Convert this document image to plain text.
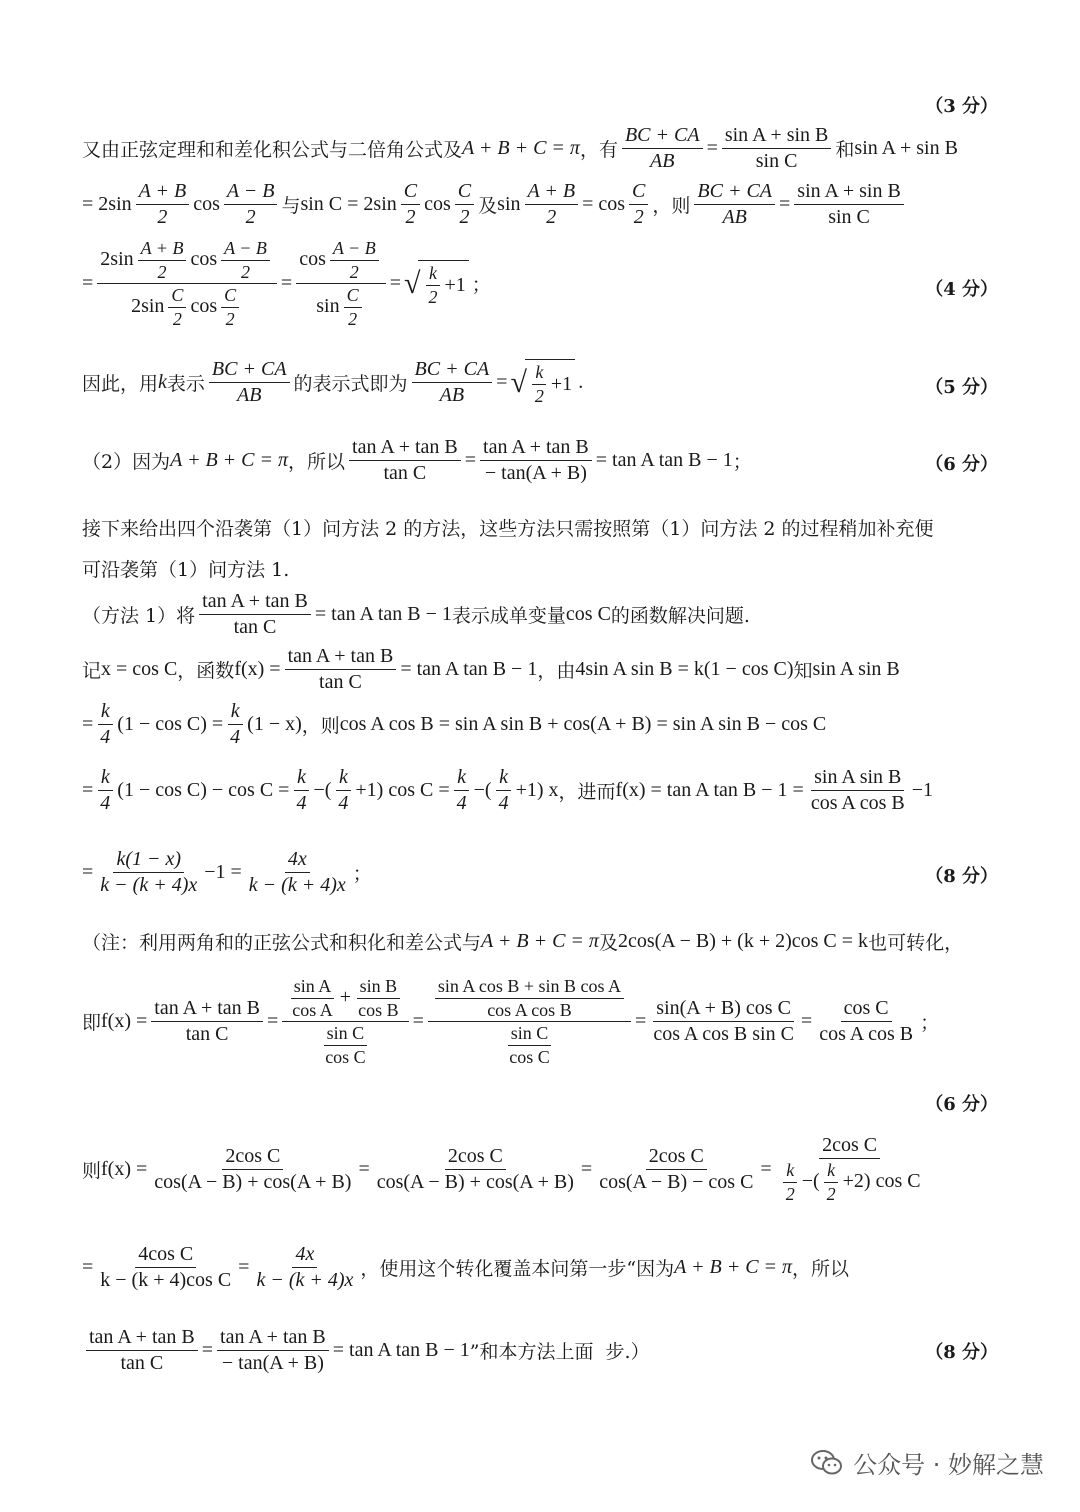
（3 分）
又由正弦定理和和差化积公式与二倍角公式及 A + B + C = π ，有 $\frac{BC + CA}{AB} = \frac{\text{sin A + sin B}}{\text{sin C}}$ 和 sin A + sin B
= $2\sin \frac{A + B}{2}$ $\cos \frac{A - B}{2}$ 与 $\sin C = 2\sin \frac{C}{2}$ $\cos \frac{C}{2}$ 及 $\sin \frac{A + B}{2} = \cos \frac{C}{2}$ ，则 $\frac{BC + CA}{AB} = \frac{\text{sin A + sin B}}{\text{sin C}}$
= $\frac{2\sin \frac{A + B}{2} \cos \frac{A - B}{2}}{2\sin \frac{C}{2} \cos \frac{C}{2}} = \frac{\cos \frac{A - B}{2}}{\sin \frac{C}{2}}$ = √ $\frac{k}{2} +1$ ；	（4 分）
因此，用 k 表示 $\frac{BC + CA}{AB}$ 的表示式即为 $\frac{BC + CA}{AB}$ = √ $\frac{k}{2} +1$ .	（5 分）
（2）因为 A + B + C = π ，所以 $\frac{\text{tan A + tan B}}{\text{tan C}} = \frac{\text{tan A + tan B}}{- \tan(A + B)} = \tan A$ tan B − 1 ；	（6 分）
接下来给出四个沿袭第（1）问方法 2 的方法，这些方法只需按照第（1）问方法 2 的过程稍加补充便
可沿袭第（1）问方法 1.
（方法 1）将 $\frac{\text{tan A + tan B}}{\text{tan C}} = \tan A$ tan B − 1 表示成单变量 cos C 的函数解决问题.
记 x = cos C ，函数 $f(x) = \frac{\text{tan A + tan B}}{\text{tan C}} = \tan A$ tan B − 1 ，由 4sin A sin B = k(1 − cos C) 知 sin A sin B
= $\frac{k}{4} (1 - \cos C) = \frac{k}{4} (1 - x)$ ，则 cos A cos B = sin A sin B + cos(A + B) = sin A sin B − cos C
= $\frac{k}{4} (1 - \cos C) - \cos C = \frac{k}{4}$ −( $\frac{k}{4} +1$) $\cos C = \frac{k}{4}$ −( $\frac{k}{4} +1$) x ，进而 f(x) = tan A $\tan B - 1 = \frac{\text{sin A sin B}}{\text{cos A cos B}} -1$
= $\frac{k(1 - x)}{k - (k + 4)x} -1 = \frac{4x}{k - (k + 4)x}$ ；	（8 分）
（注：利用两角和的正弦公式和积化和差公式与 A + B + C = π 及 2cos(A − B) + (k + 2)cos C = k 也可转化，
即 $f(x) = \frac{\text{tan A + tan B}}{\text{tan C}} = \frac{\frac{\text{sin A}}{\text{cos A}} + \frac{\text{sin B}}{\text{cos B}}}{\frac{\text{sin C}}{\text{cos C}}} = \frac{\frac{\text{sin A cos B + sin B cos A}}{\text{cos A cos B}}}{\frac{\text{sin C}}{\text{cos C}}} = \frac{\text{sin(A + B) cos C}}{\text{cos A cos B sin C}} = \frac{\text{cos C}}{\text{cos A cos B}}$ ；
（6 分）
则 $f(x) = \frac{\text{2cos C}}{\cos(A - B) + \cos(A + B)} = \frac{\text{2cos C}}{\cos(A - B) + \cos(A + B)} = \frac{\text{2cos C}}{\text{cos(A − B) − cos C}} = \frac{\text{2cos C}}{\frac{k}{2} -( \frac{k}{2} +2) \cos C}$
= $\frac{\text{4cos C}}{\text{k − (k + 4)cos C}} = \frac{4x}{k - (k + 4)x}$ ，使用这个转化覆盖本问第一步“因为 A + B + C = π ，所以
$\frac{\text{tan A + tan B}}{\text{tan C}} = \frac{\text{tan A + tan B}}{- \tan(A + B)} = \tan A$ tan B − 1 ”和本方法上面  步.）	（8 分）
公众号 · 妙解之慧
